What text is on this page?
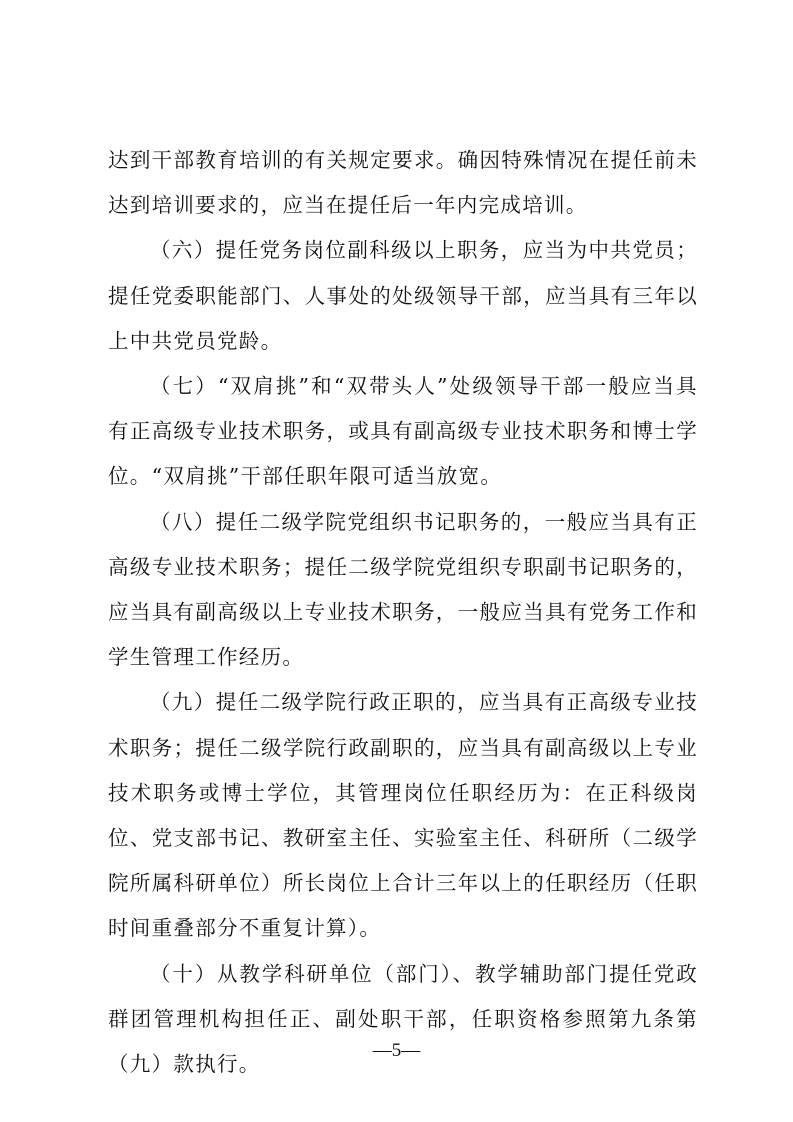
达到干部教育培训的有关规定要求。确因特殊情况在提任前未达到培训要求的，应当在提任后一年内完成培训。

（六）提任党务岗位副科级以上职务，应当为中共党员；提任党委职能部门、人事处的处级领导干部，应当具有三年以上中共党员党龄。

（七）“双肩挑”和“双带头人”处级领导干部一般应当具有正高级专业技术职务，或具有副高级专业技术职务和博士学位。“双肩挑”干部任职年限可适当放宽。

（八）提任二级学院党组织书记职务的，一般应当具有正高级专业技术职务；提任二级学院党组织专职副书记职务的，应当具有副高级以上专业技术职务，一般应当具有党务工作和学生管理工作经历。

（九）提任二级学院行政正职的，应当具有正高级专业技术职务；提任二级学院行政副职的，应当具有副高级以上专业技术职务或博士学位，其管理岗位任职经历为：在正科级岗位、党支部书记、教研室主任、实验室主任、科研所（二级学院所属科研单位）所长岗位上合计三年以上的任职经历（任职时间重叠部分不重复计算）。

（十）从教学科研单位（部门）、教学辅助部门提任党政群团管理机构担任正、副处职干部，任职资格参照第九条第（九）款执行。

—5—
